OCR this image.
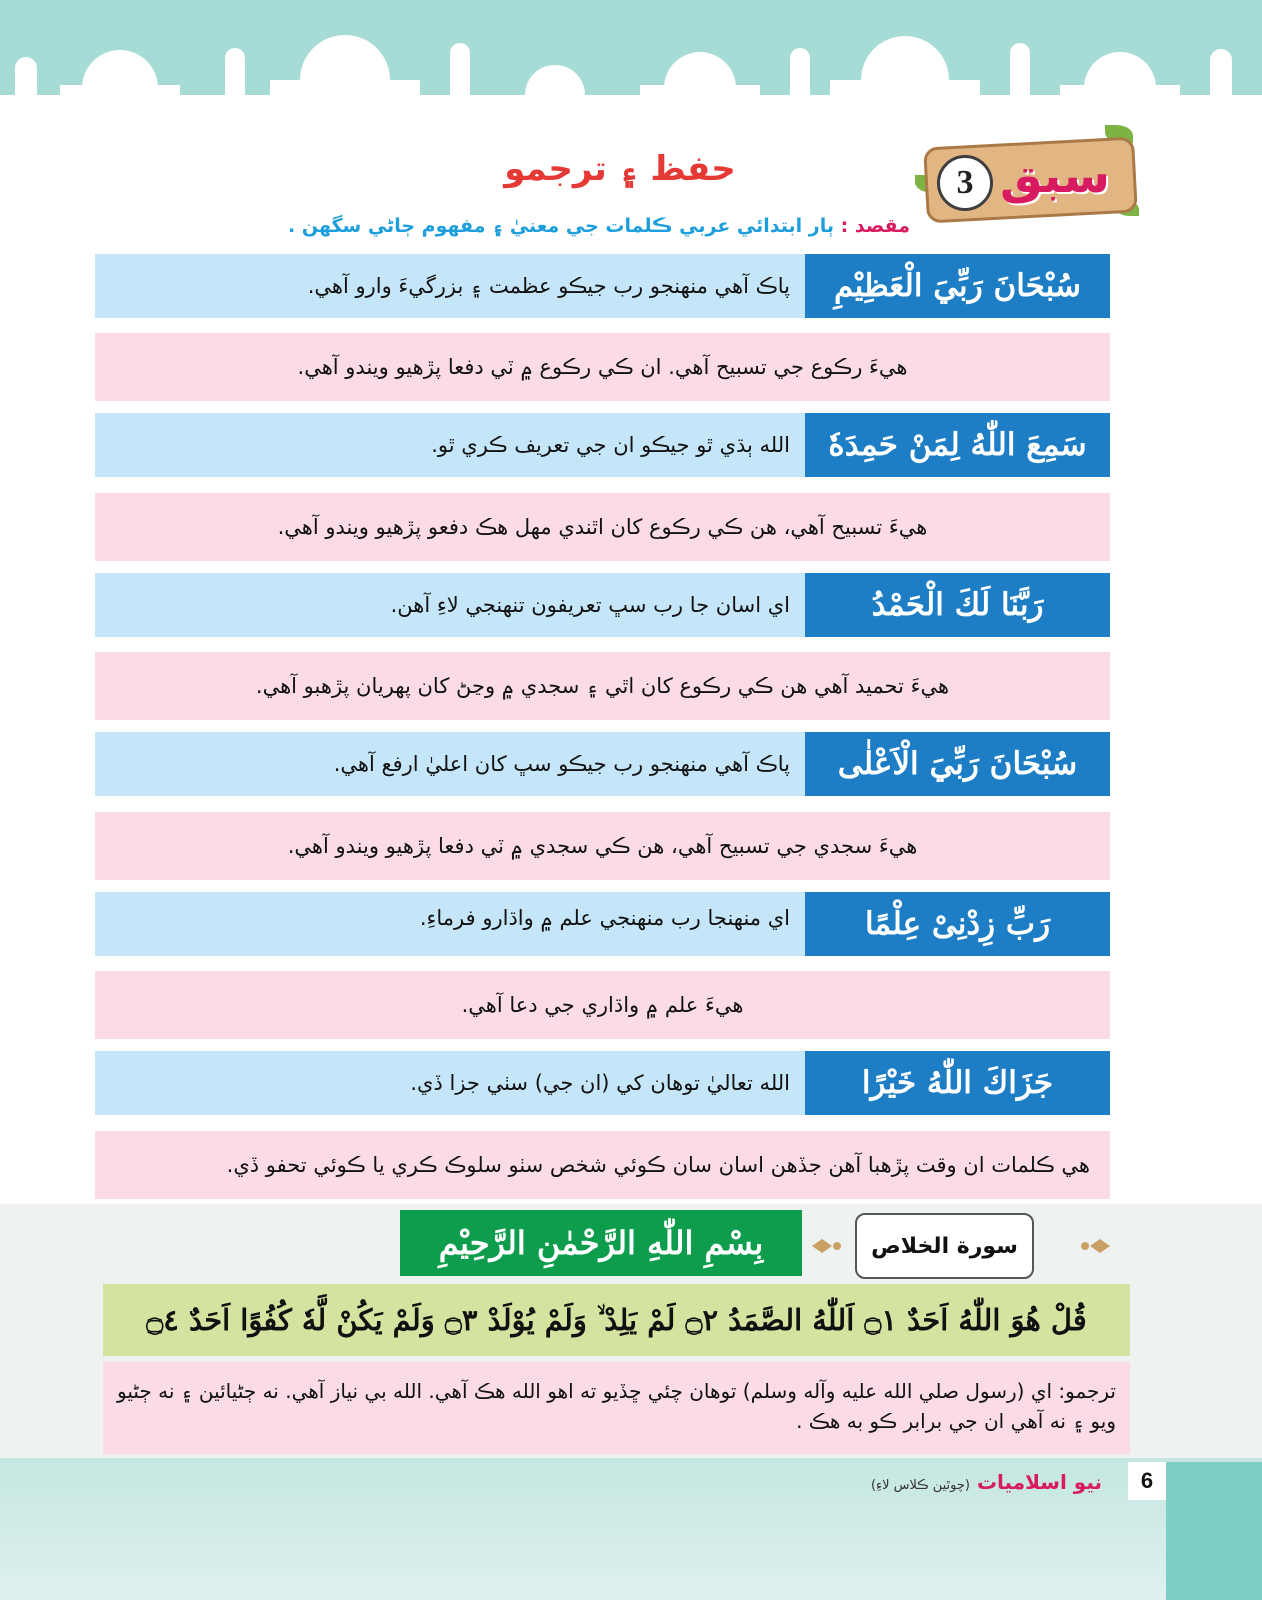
3 سبق
حفظ ۽ ترجمو
مقصد : ٻار ابتدائي عربي ڪلمات جي معنيٰ ۽ مفهوم ڄاڻي سگهن .
سُبْحَانَ رَبِّيَ الْعَظِيْمِ
پاڪ آهي منهنجو رب جيڪو عظمت ۽ بزرگيءَ وارو آهي.
هيءَ رڪوع جي تسبيح آهي. ان ڪي رڪوع ۾ ٽي دفعا پڙهيو ويندو آهي.
سَمِعَ اللّٰهُ لِمَنْ حَمِدَهٗ
الله ٻڌي ٿو جيڪو ان جي تعريف ڪري ٿو.
هيءَ تسبيح آهي، هن ڪي رڪوع کان اٿندي مهل هڪ دفعو پڙهيو ويندو آهي.
رَبَّنَا لَكَ الْحَمْدُ
اي اسان جا رب سڀ تعريفون تنهنجي لاءِ آهن.
هيءَ تحميد آهي هن ڪي رڪوع کان اٿي ۽ سجدي ۾ وڃڻ کان پهريان پڙهبو آهي.
سُبْحَانَ رَبِّيَ الْاَعْلٰى
پاڪ آهي منهنجو رب جيڪو سڀ کان اعليٰ ارفع آهي.
هيءَ سجدي جي تسبيح آهي، هن ڪي سجدي ۾ ٽي دفعا پڙهيو ويندو آهي.
رَبِّ زِدْنِىْ عِلْمًا
اي منهنجا رب منهنجي علم ۾ واڌارو فرماءِ.
هيءَ علم ۾ واڌاري جي دعا آهي.
جَزَاكَ اللّٰهُ خَيْرًا
الله تعاليٰ توهان کي (ان جي) سٺي جزا ڏي.
هي ڪلمات ان وقت پڙهبا آهن جڏهن اسان سان ڪوئي شخص سٺو سلوڪ ڪري يا ڪوئي تحفو ڏي.
سورة الخلاص
بِسْمِ اللّٰهِ الرَّحْمٰنِ الرَّحِيْمِ
قُلْ هُوَ اللّٰهُ اَحَدٌ ۝١ اَللّٰهُ الصَّمَدُ ۝٢ لَمْ يَلِدْ ۙ وَلَمْ يُوْلَدْ ۝٣ وَلَمْ يَكُنْ لَّهٗ كُفُوًا اَحَدٌ ۝٤
ترجمو: اي (رسول صلي الله عليه وآله وسلم) توهان چئي ڇڏيو ته اهو الله هڪ آهي. الله بي نياز آهي. نه ڄڻيائين ۽ نه ڄڻيو ويو ۽ نه آهي ان جي برابر ڪو به هڪ .
نيو اسلاميات (چوٿين ڪلاس لاءِ)	6
